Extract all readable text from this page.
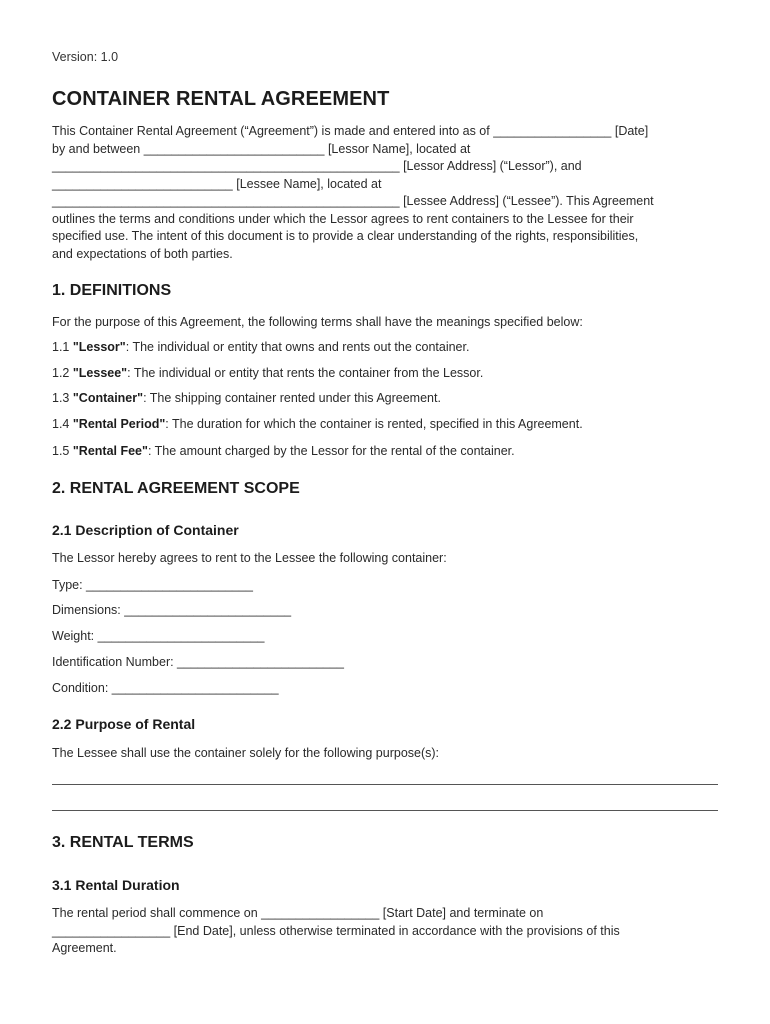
Version: 1.0
CONTAINER RENTAL AGREEMENT

This Container Rental Agreement (“Agreement”) is made and entered into as of _________________ [Date]

by and between __________________________ [Lessor Name], located at

__________________________________________________ [Lessor Address] (“Lessor”), and

__________________________ [Lessee Name], located at

__________________________________________________ [Lessee Address] (“Lessee”). This Agreement

outlines the terms and conditions under which the Lessor agrees to rent containers to the Lessee for their

specified use. The intent of this document is to provide a clear understanding of the rights, responsibilities,

and expectations of both parties.

1. DEFINITIONS
For the purpose of this Agreement, the following terms shall have the meanings specified below:
1.1 "Lessor": The individual or entity that owns and rents out the container.
1.2 "Lessee": The individual or entity that rents the container from the Lessor.
1.3 "Container": The shipping container rented under this Agreement.
1.4 "Rental Period": The duration for which the container is rented, specified in this Agreement.
1.5 "Rental Fee": The amount charged by the Lessor for the rental of the container.
2. RENTAL AGREEMENT SCOPE
2.1 Description of Container
The Lessor hereby agrees to rent to the Lessee the following container:
Type: ________________________
Dimensions: ________________________
Weight: ________________________
Identification Number: ________________________
Condition: ________________________
2.2 Purpose of Rental
The Lessee shall use the container solely for the following purpose(s):
3. RENTAL TERMS
3.1 Rental Duration

The rental period shall commence on _________________ [Start Date] and terminate on

_________________ [End Date], unless otherwise terminated in accordance with the provisions of this

Agreement.
